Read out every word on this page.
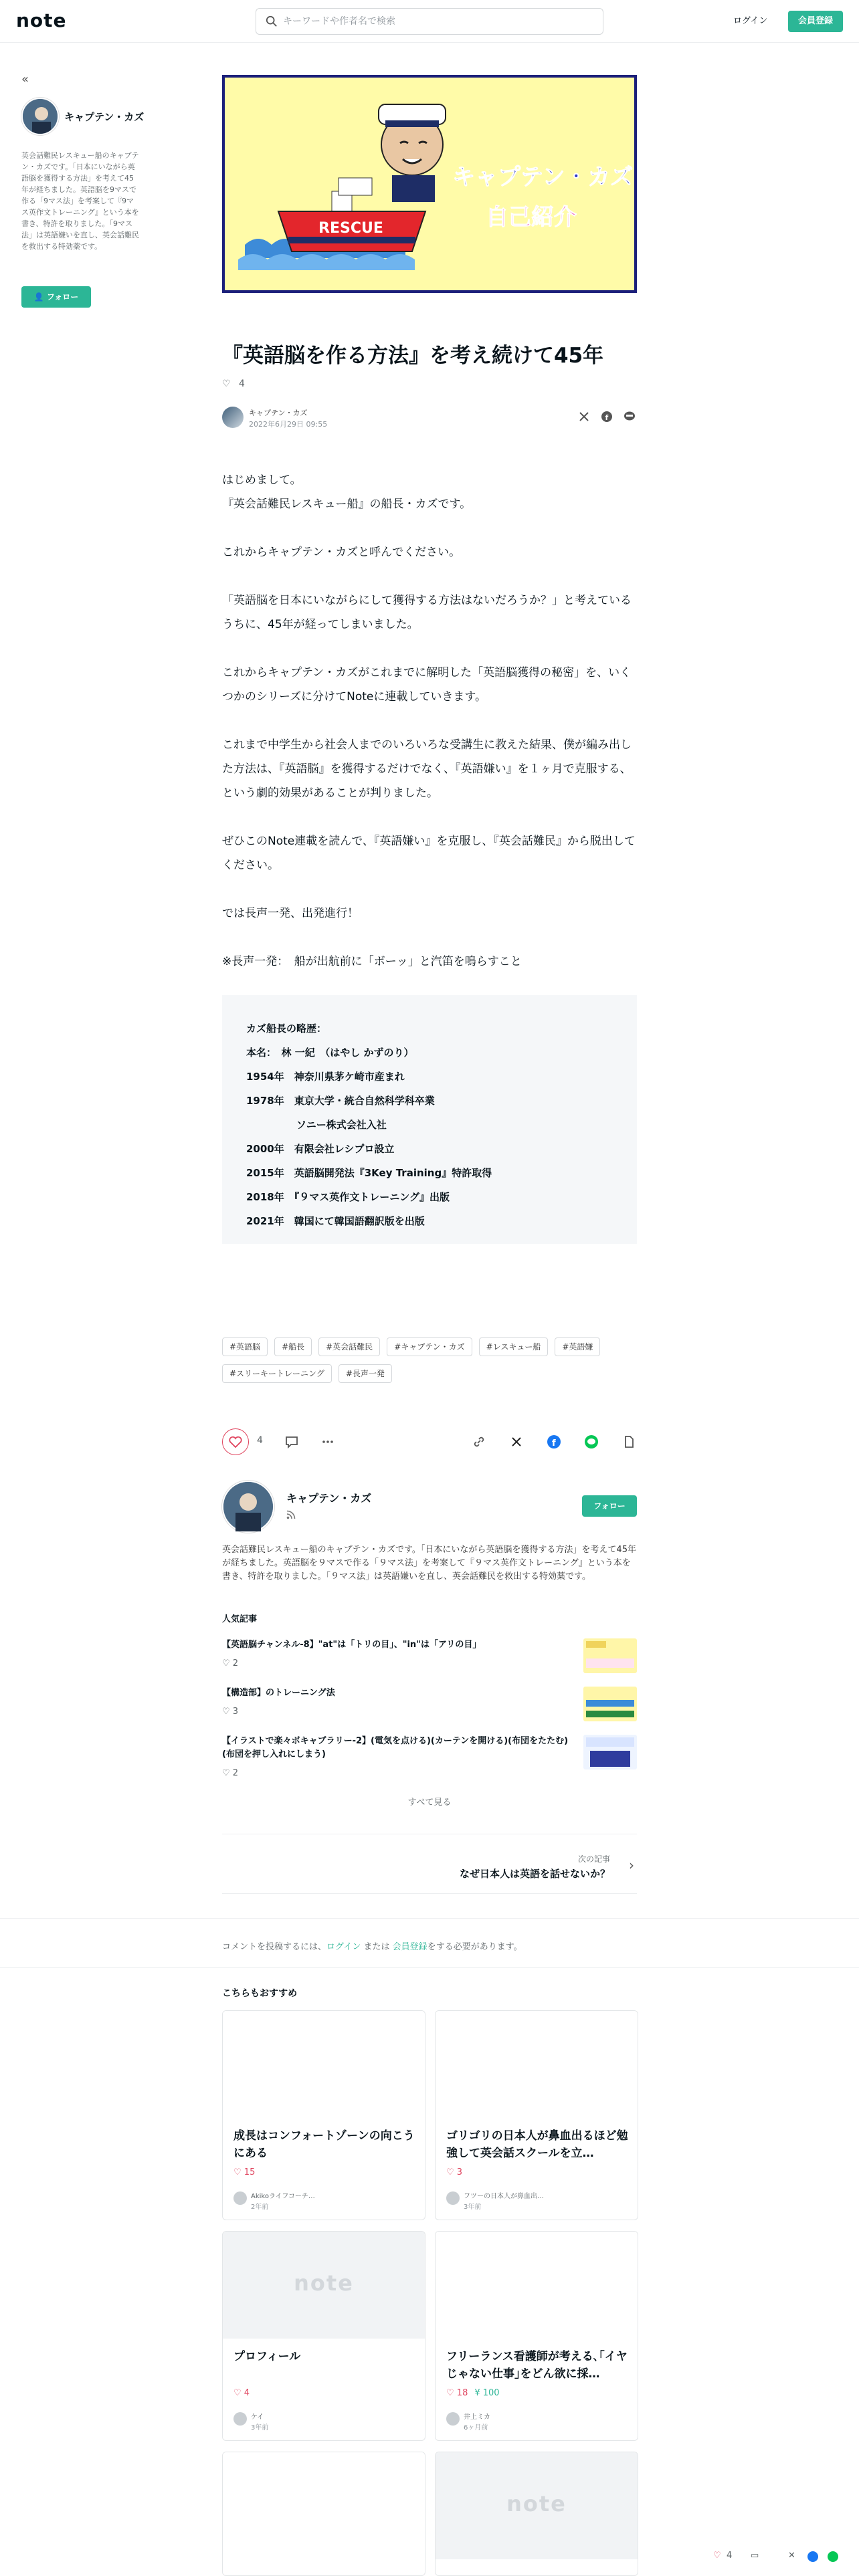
note
キーワードや作者名で検索	ログイン	会員登録
«
キャプテン・カズ
英会話難民レスキュー船のキャプテン・カズです。「日本にいながら英語脳を獲得する方法」を考えて45年が経ちました。英語脳を9マスで作る「9マス法」を考案して『9マス英作文トレーニング』という本を書き、特許を取りました。「9マス法」は英語嫌いを直し、英会話難民を救出する特効薬です。
👤 フォロー
RESCUE
キャプテン・カズ
自己紹介
『英語脳を作る方法』を考え続けて45年
♡ 4
キャプテン・カズ
2022年6月29日 09:55
f

はじめまして。
『英会話難民レスキュー船』の船長・カズです。

これからキャプテン・カズと呼んでください。

「英語脳を日本にいながらにして獲得する方法はないだろうか？」と考えているうちに、45年が経ってしまいました。

これからキャプテン・カズがこれまでに解明した「英語脳獲得の秘密」を、いくつかのシリーズに分けてNoteに連載していきます。

これまで中学生から社会人までのいろいろな受講生に教えた結果、僕が編み出した方法は、『英語脳』を獲得するだけでなく、『英語嫌い』を１ヶ月で克服する、という劇的効果があることが判りました。

ぜひこのNote連載を読んで、『英語嫌い』を克服し、『英会話難民』から脱出してください。

では長声一発、出発進行！

※長声一発：　船が出航前に「ボーッ」と汽笛を鳴らすこと

カズ船長の略歴：
本名：　林 一紀　（はやし かずのり）
1954年　神奈川県茅ケ崎市産まれ
1978年　東京大学・統合自然科学科卒業
　　　　　ソニー株式会社入社
2000年　有限会社レシプロ設立
2015年　英語脳開発法『3Key Training』特許取得
2018年　『９マス英作文トレーニング』出版
2021年　韓国にて韓国語翻訳版を出版
#英語脳	#船長	#英会話難民	#キャプテン・カズ	#レスキュー船	#英語嫌
#スリーキートレーニング	#長声一発
4	f
キャプテン・カズ
フォロー
英会話難民レスキュー船のキャプテン・カズです。「日本にいながら英語脳を獲得する方法」を考えて45年が経ちました。英語脳を９マスで作る「９マス法」を考案して『９マス英作文トレーニング』という本を書き、特許を取りました。「９マス法」は英語嫌いを直し、英会話難民を救出する特効薬です。
人気記事
【英語脳チャンネル-8】"at"は「トリの目」、"in"は「アリの目」
♡ 2
【構造部】のトレーニング法
♡ 3
【イラストで楽々ボキャブラリー-2】(電気を点ける)(カーテンを開ける)(布団をたたむ)(布団を押し入れにしまう)
♡ 2
すべて見る
次の記事
なぜ日本人は英語を話せないか？
›
コメントを投稿するには、ログイン または 会員登録をする必要があります。
こちらもおすすめ
成長はコンフォートゾーンの向こうにある
♡ 15
Akikoライフコーチ…
2年前
ゴリゴリの日本人が鼻血出るほど勉強して英会話スクールを立…
♡ 3
フツーの日本人が鼻血出…
3年前
note
プロフィール
♡ 4
ケイ
3年前
フリーランス看護師が考える､｢イヤじゃない仕事｣をどん欲に採…
♡ 18 ¥ 100
井上ミカ
6ヶ月前
note
♡ 4 ▭	✕
